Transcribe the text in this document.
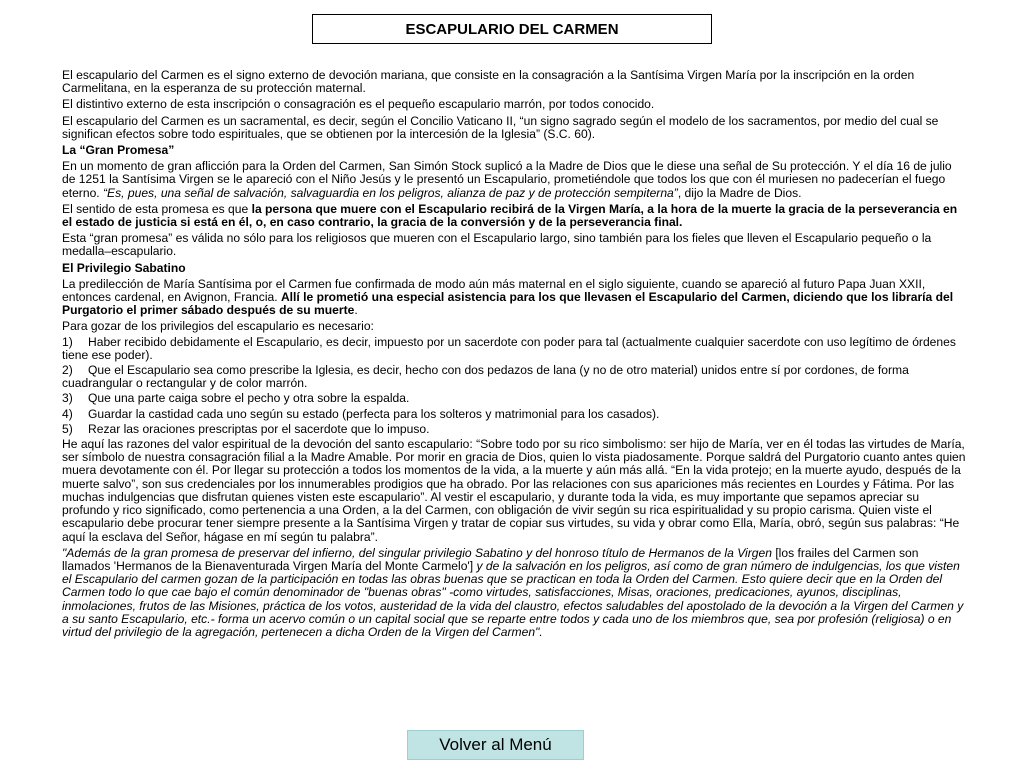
ESCAPULARIO DEL CARMEN

El escapulario del Carmen es el signo externo de devoción mariana, que consiste en la consagración a la Santísima Virgen María por la inscripción en la orden Carmelitana, en la esperanza de su protección maternal.

El distintivo externo de esta inscripción o consagración es el pequeño escapulario marrón, por todos conocido.

El escapulario del Carmen es un sacramental, es decir, según el Concilio Vaticano II, “un signo sagrado según el modelo de los sacramentos, por medio del cual se significan efectos sobre todo espirituales, que se obtienen por la intercesión de la Iglesia” (S.C. 60).

La “Gran Promesa”

En un momento de gran aflicción para la Orden del Carmen, San Simón Stock suplicó a la Madre de Dios que le diese una señal de Su protección. Y el día 16 de julio de 1251 la Santísima Virgen se le apareció con el Niño Jesús y le presentó un Escapulario, prometiéndole que todos los que con él muriesen no padecerían el fuego eterno. “Es, pues, una señal de salvación, salvaguardia en los peligros, alianza de paz y de protección sempiterna”, dijo la Madre de Dios.

El sentido de esta promesa es que la persona que muere con el Escapulario recibirá de la Virgen María, a la hora de la muerte la gracia de la perseverancia en el estado de justicia si está en él, o, en caso contrario, la gracia de la conversión y de la perseverancia final.

Esta “gran promesa” es válida no sólo para los religiosos que mueren con el Escapulario largo, sino también para los fieles que lleven el Escapulario pequeño o la medalla–escapulario.

El Privilegio Sabatino

La predilección de María Santísima por el Carmen fue confirmada de modo aún más maternal en el siglo siguiente, cuando se apareció al futuro Papa Juan XXII, entonces cardenal, en Avignon, Francia. Allí le prometió una especial asistencia para los que llevasen el Escapulario del Carmen, diciendo que los libraría del Purgatorio el primer sábado después de su muerte.

Para gozar de los privilegios del escapulario es necesario:

1) Haber recibido debidamente el Escapulario, es decir, impuesto por un sacerdote con poder para tal (actualmente cualquier sacerdote con uso legítimo de órdenes tiene ese poder).

2) Que el Escapulario sea como prescribe la Iglesia, es decir, hecho con dos pedazos de lana (y no de otro material) unidos entre sí por cordones, de forma cuadrangular o rectangular y de color marrón.

3) Que una parte caiga sobre el pecho y otra sobre la espalda.

4) Guardar la castidad cada uno según su estado (perfecta para los solteros y matrimonial para los casados).

5) Rezar las oraciones prescriptas por el sacerdote que lo impuso.

He aquí las razones del valor espiritual de la devoción del santo escapulario: “Sobre todo por su rico simbolismo: ser hijo de María, ver en él todas las virtudes de María, ser símbolo de nuestra consagración filial a la Madre Amable. Por morir en gracia de Dios, quien lo vista piadosamente. Porque saldrá del Purgatorio cuanto antes quien muera devotamente con él. Por llegar su protección a todos los momentos de la vida, a la muerte y aún más allá. “En la vida protejo; en la muerte ayudo, después de la muerte salvo”, son sus credenciales por los innumerables prodigios que ha obrado. Por las relaciones con sus apariciones más recientes en Lourdes y Fátima. Por las muchas indulgencias que disfrutan quienes visten este escapulario”. Al vestir el escapulario, y durante toda la vida, es muy importante que sepamos apreciar su profundo y rico significado, como pertenencia a una Orden, a la del Carmen, con obligación de vivir según su rica espiritualidad y su propio carisma. Quien viste el escapulario debe procurar tener siempre presente a la Santísima Virgen y tratar de copiar sus virtudes, su vida y obrar como Ella, María, obró, según sus palabras: “He aquí la esclava del Señor, hágase en mí según tu palabra”.

"Además de la gran promesa de preservar del infierno, del singular privilegio Sabatino y del honroso título de Hermanos de la Virgen [los frailes del Carmen son llamados 'Hermanos de la Bienaventurada Virgen María del Monte Carmelo'] y de la salvación en los peligros, así como de gran número de indulgencias, los que visten el Escapulario del carmen gozan de la participación en todas las obras buenas que se practican en toda la Orden del Carmen. Esto quiere decir que en la Orden del Carmen todo lo que cae bajo el común denominador de "buenas obras" -como virtudes, satisfacciones, Misas, oraciones, predicaciones, ayunos, disciplinas, inmolaciones, frutos de las Misiones, práctica de los votos, austeridad de la vida del claustro, efectos saludables del apostolado de la devoción a la Virgen del Carmen y a su santo Escapulario, etc.- forma un acervo común o un capital social que se reparte entre todos y cada uno de los miembros que, sea por profesión (religiosa) o en virtud del privilegio de la agregación, pertenecen a dicha Orden de la Virgen del Carmen".

Volver al Menú
